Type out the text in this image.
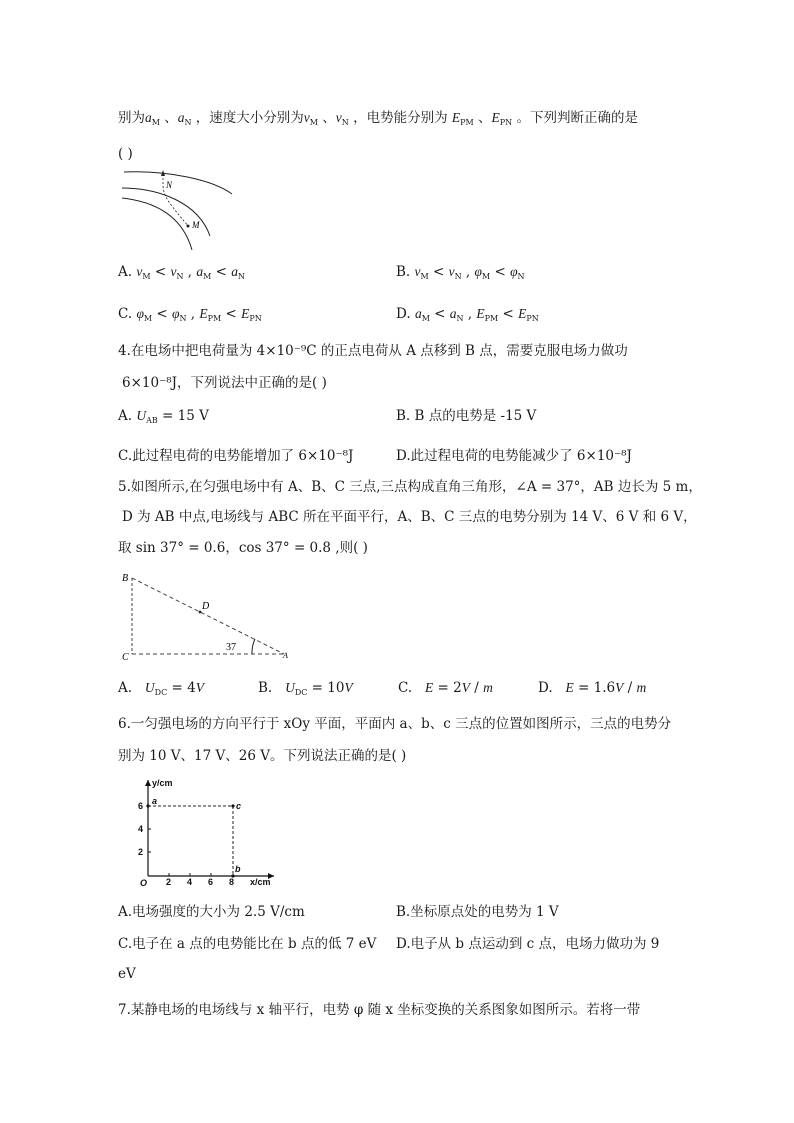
别为$a_M$ 、$a_N$ ，速度大小分别为$v_M$ 、$v_N$ ，电势能分别为 $E_{PM}$ 、$E_{PN}$ 。下列判断正确的是
( )
N
M
A. $v_M < v_N$ , $a_M < a_N$	B. $v_M < v_N$ , $\varphi_M < \varphi_N$
C. $\varphi_M < \varphi_N$ , $E_{PM} < E_{PN}$	D. $a_M < a_N$ , $E_{PM} < E_{PN}$
4.在电场中把电荷量为 4×10⁻⁹C 的正点电荷从 A 点移到 B 点，需要克服电场力做功
6×10⁻⁸J，下列说法中正确的是( )
A. $U_{AB} = 15$ V	B. B 点的电势是 -15 V
C.此过程电荷的电势能增加了 6×10⁻⁸J	D.此过程电荷的电势能减少了 6×10⁻⁸J
5.如图所示,在匀强电场中有 A、B、C 三点,三点构成直角三角形，∠A = 37°，AB 边长为 5 m，
D 为 AB 中点,电场线与 ABC 所在平面平行，A、B、C 三点的电势分别为 14 V、6 V 和 6 V，
取 sin 37° = 0.6，cos 37° = 0.8 ,则( )
B
D
C	A
37
A.   $U_{DC} = 4V$	B.   $U_{DC} = 10V$	C.   E = 2V / m	D.   E = 1.6V / m
6.一匀强电场的方向平行于 xOy 平面，平面内 a、b、c 三点的位置如图所示，三点的电势分
别为 10 V、17 V、26 V。下列说法正确的是( )
y/cm
x/cm
O
a	c
b
6
4
2
2 4 6 8
A.电场强度的大小为 2.5 V/cm	B.坐标原点处的电势为 1 V
C.电子在 a 点的电势能比在 b 点的低 7 eV D.电子从 b 点运动到 c 点，电场力做功为 9
eV
7.某静电场的电场线与 x 轴平行，电势 φ 随 x 坐标变换的关系图象如图所示。若将一带
